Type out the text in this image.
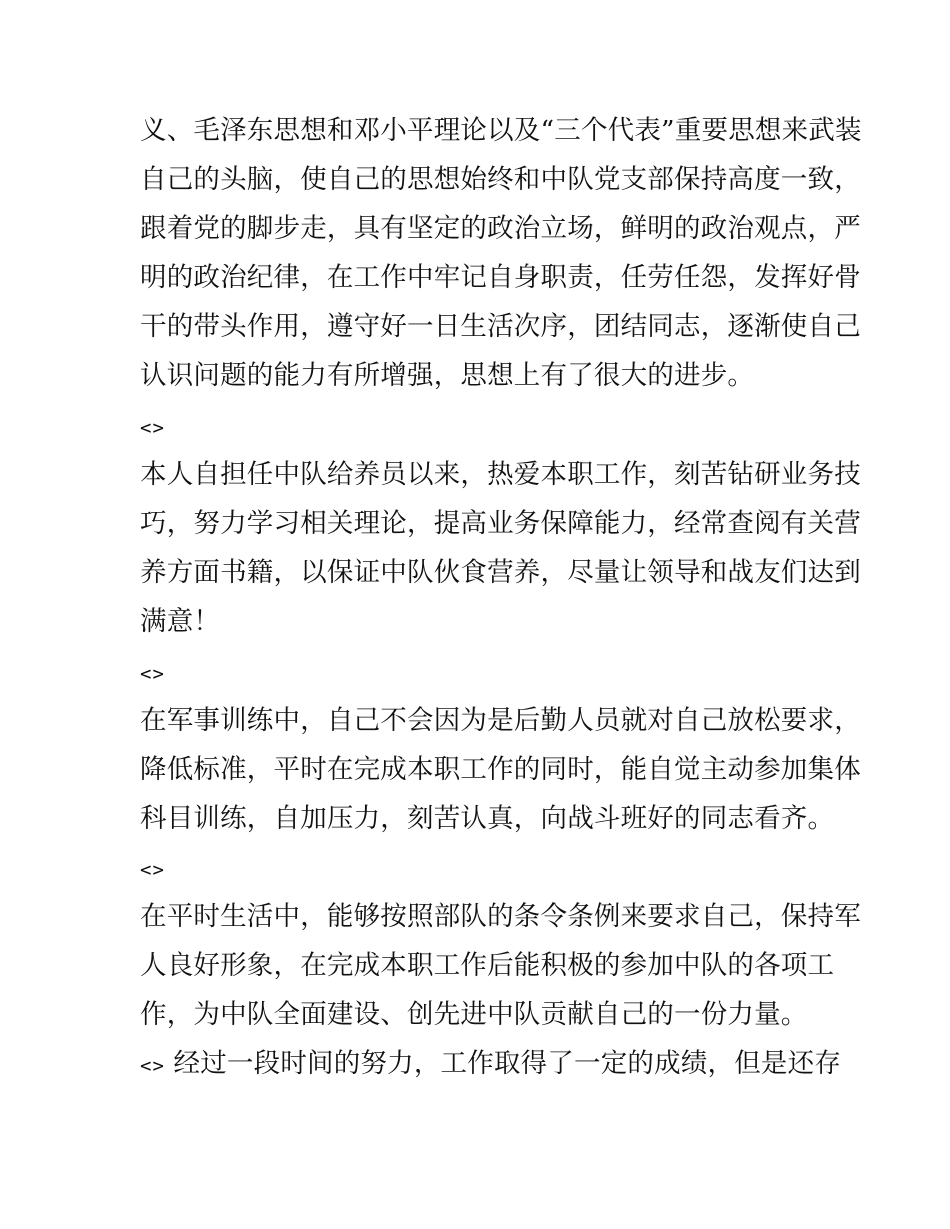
义、毛泽东思想和邓小平理论以及“三个代表”重要思想来武装
自己的头脑，使自己的思想始终和中队党支部保持高度一致，
跟着党的脚步走，具有坚定的政治立场，鲜明的政治观点，严
明的政治纪律，在工作中牢记自身职责，任劳任怨，发挥好骨
干的带头作用，遵守好一日生活次序，团结同志，逐渐使自己
认识问题的能力有所增强，思想上有了很大的进步。
<>
本人自担任中队给养员以来，热爱本职工作，刻苦钻研业务技
巧，努力学习相关理论，提高业务保障能力，经常查阅有关营
养方面书籍，以保证中队伙食营养，尽量让领导和战友们达到
满意！
<>
在军事训练中，自己不会因为是后勤人员就对自己放松要求，
降低标准，平时在完成本职工作的同时，能自觉主动参加集体
科目训练，自加压力，刻苦认真，向战斗班好的同志看齐。
<>
在平时生活中，能够按照部队的条令条例来要求自己，保持军
人良好形象，在完成本职工作后能积极的参加中队的各项工
作，为中队全面建设、创先进中队贡献自己的一份力量。
<> 经过一段时间的努力，工作取得了一定的成绩，但是还存
